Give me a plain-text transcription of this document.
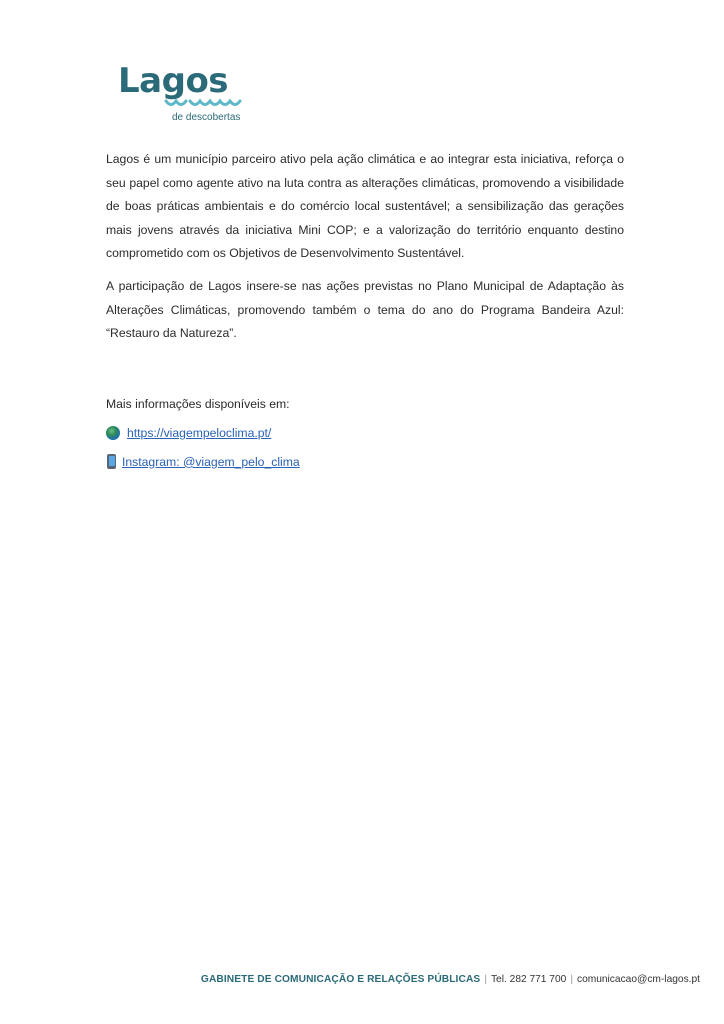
Lagos
de descobertas

Lagos é um município parceiro ativo pela ação climática e ao integrar esta iniciativa, reforça o seu papel como agente ativo na luta contra as alterações climáticas, promovendo a visibilidade de boas práticas ambientais e do comércio local sustentável; a sensibilização das gerações mais jovens através da iniciativa Mini COP; e a valorização do território enquanto destino comprometido com os Objetivos de Desenvolvimento Sustentável.

A participação de Lagos insere-se nas ações previstas no Plano Municipal de Adaptação às Alterações Climáticas, promovendo também o tema do ano do Programa Bandeira Azul: “Restauro da Natureza”.

Mais informações disponíveis em:
https://viagempeloclima.pt/
Instagram: @viagem_pelo_clima
GABINETE DE COMUNICAÇÃO E RELAÇÕES PÚBLICAS | Tel. 282 771 700 | comunicacao@cm-lagos.pt
